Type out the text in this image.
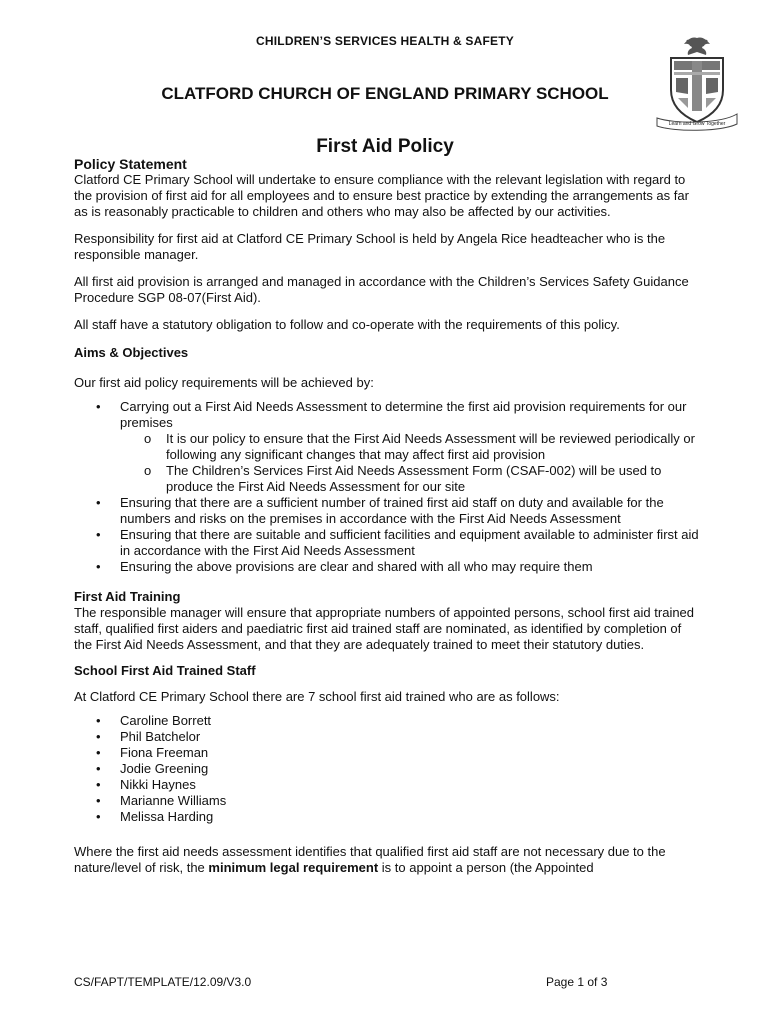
CHILDREN’S SERVICES HEALTH & SAFETY
CLATFORD CHURCH OF ENGLAND PRIMARY SCHOOL
Learn and Grow Together
First Aid Policy

Policy Statement

Clatford CE Primary School will undertake to ensure compliance with the relevant legislation with regard to the provision of first aid for all employees and to ensure best practice by extending the arrangements as far as is reasonably practicable to children and others who may also be affected by our activities.

Responsibility for first aid at Clatford CE Primary School is held by Angela Rice headteacher who is the responsible manager.

All first aid provision is arranged and managed in accordance with the Children’s Services Safety Guidance Procedure SGP 08-07(First Aid).

All staff have a statutory obligation to follow and co-operate with the requirements of this policy.

Aims & Objectives

Our first aid policy requirements will be achieved by:

• Carrying out a First Aid Needs Assessment to determine the first aid provision requirements for our premises
o It is our policy to ensure that the First Aid Needs Assessment will be reviewed periodically or following any significant changes that may affect first aid provision
o The Children’s Services First Aid Needs Assessment Form (CSAF-002) will be used to produce the First Aid Needs Assessment for our site
• Ensuring that there are a sufficient number of trained first aid staff on duty and available for the numbers and risks on the premises in accordance with the First Aid Needs Assessment
• Ensuring that there are suitable and sufficient facilities and equipment available to administer first aid in accordance with the First Aid Needs Assessment
• Ensuring the above provisions are clear and shared with all who may require them

First Aid Training

The responsible manager will ensure that appropriate numbers of appointed persons, school first aid trained staff, qualified first aiders and paediatric first aid trained staff are nominated, as identified by completion of the First Aid Needs Assessment, and that they are adequately trained to meet their statutory duties.

School First Aid Trained Staff

At Clatford CE Primary School there are 7 school first aid trained who are as follows:

• Caroline Borrett
• Phil Batchelor
• Fiona Freeman
• Jodie Greening
• Nikki Haynes
• Marianne Williams
• Melissa Harding

Where the first aid needs assessment identifies that qualified first aid staff are not necessary due to the nature/level of risk, the minimum legal requirement is to appoint a person (the Appointed

CS/FAPT/TEMPLATE/12.09/V3.0	Page 1 of 3
